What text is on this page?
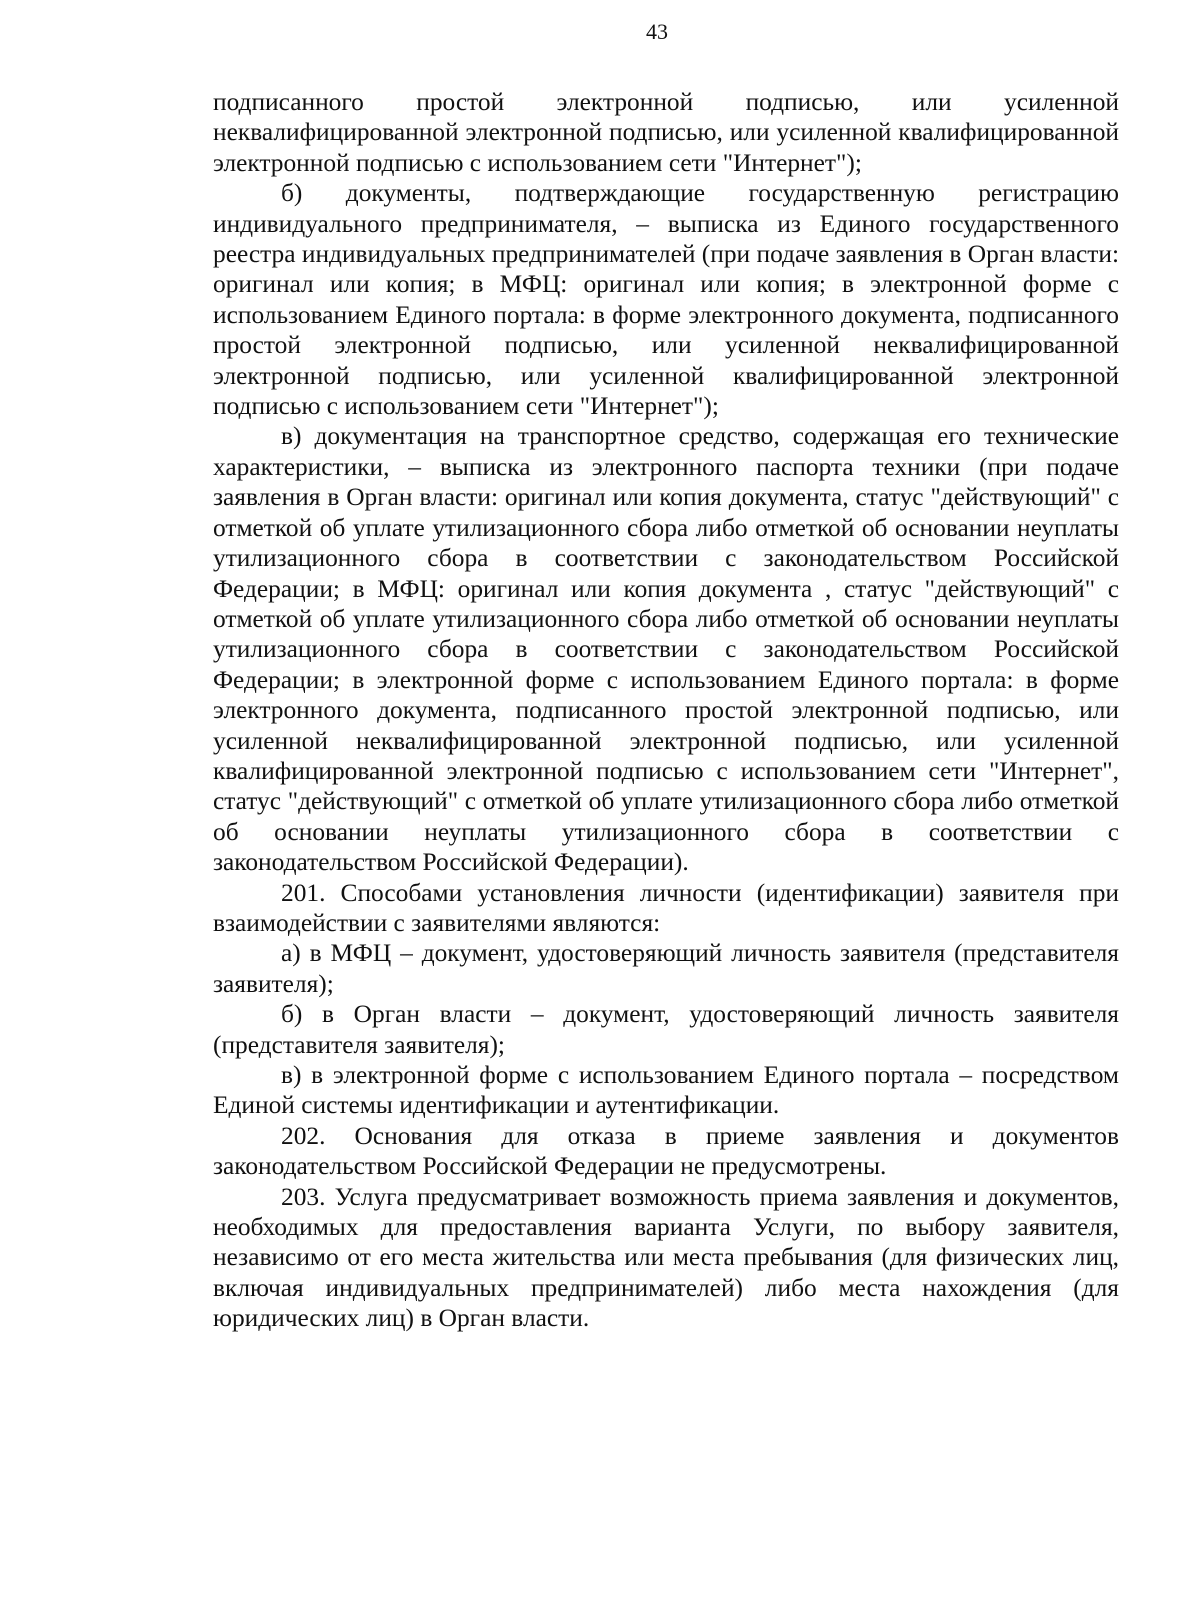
43

подписанного простой электронной подписью, или усиленной неквалифицированной электронной подписью, или усиленной квалифицированной электронной подписью с использованием сети "Интернет");

б) документы, подтверждающие государственную регистрацию индивидуального предпринимателя, – выписка из Единого государственного реестра индивидуальных предпринимателей (при подаче заявления в Орган власти: оригинал или копия; в МФЦ: оригинал или копия; в электронной форме с использованием Единого портала: в форме электронного документа, подписанного простой электронной подписью, или усиленной неквалифицированной электронной подписью, или усиленной квалифицированной электронной подписью с использованием сети "Интернет");

в) документация на транспортное средство, содержащая его технические характеристики, – выписка из электронного паспорта техники (при подаче заявления в Орган власти: оригинал или копия документа, статус "действующий" с отметкой об уплате утилизационного сбора либо отметкой об основании неуплаты утилизационного сбора в соответствии с законодательством Российской Федерации; в МФЦ: оригинал или копия документа , статус "действующий" с отметкой об уплате утилизационного сбора либо отметкой об основании неуплаты утилизационного сбора в соответствии с законодательством Российской Федерации; в электронной форме с использованием Единого портала: в форме электронного документа, подписанного простой электронной подписью, или усиленной неквалифицированной электронной подписью, или усиленной квалифицированной электронной подписью с использованием сети "Интернет", статус "действующий" с отметкой об уплате утилизационного сбора либо отметкой об основании неуплаты утилизационного сбора в соответствии с законодательством Российской Федерации).

201. Способами установления личности (идентификации) заявителя при взаимодействии с заявителями являются:

а) в МФЦ – документ, удостоверяющий личность заявителя (представителя заявителя);

б) в Орган власти – документ, удостоверяющий личность заявителя (представителя заявителя);

в) в электронной форме с использованием Единого портала – посредством Единой системы идентификации и аутентификации.

202. Основания для отказа в приеме заявления и документов законодательством Российской Федерации не предусмотрены.

203. Услуга предусматривает возможность приема заявления и документов, необходимых для предоставления варианта Услуги, по выбору заявителя, независимо от его места жительства или места пребывания (для физических лиц, включая индивидуальных предпринимателей) либо места нахождения (для юридических лиц) в Орган власти.
